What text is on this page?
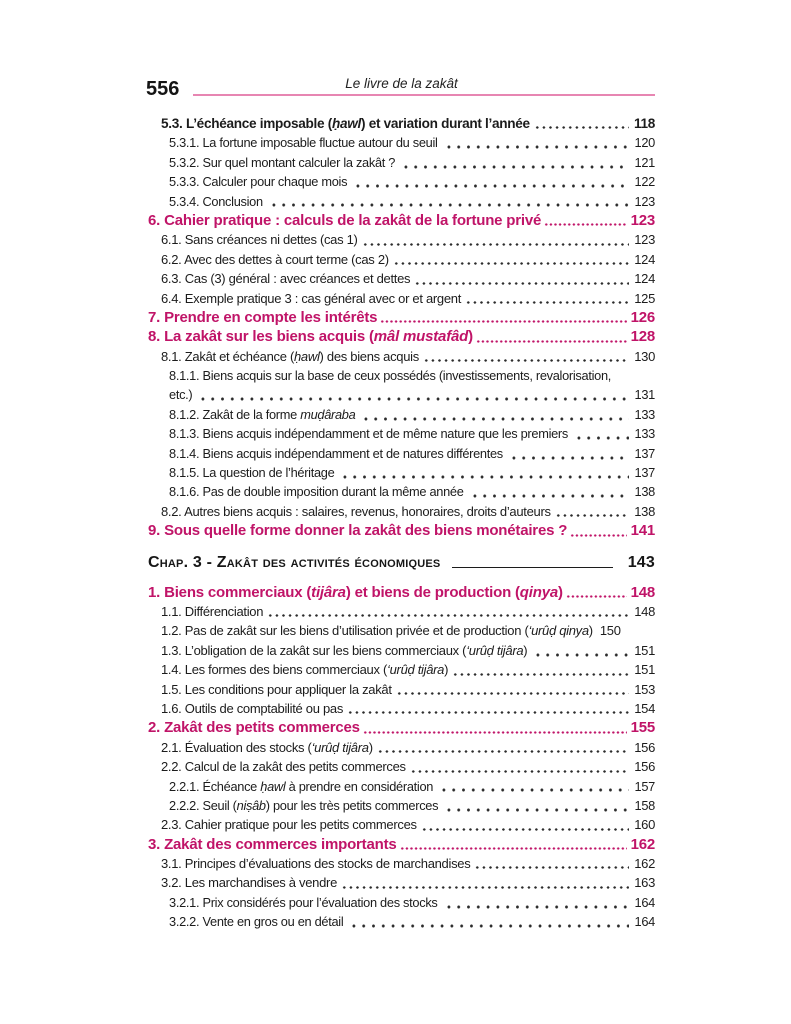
Le livre de la zakât
556
5.3. L’échéance imposable (ḥawl) et variation durant l’année	118
5.3.1. La fortune imposable fluctue autour du seuil	120
5.3.2. Sur quel montant calculer la zakât ?	121
5.3.3. Calculer pour chaque mois	122
5.3.4. Conclusion	123
6. Cahier pratique : calculs de la zakât de la fortune privé	123
6.1. Sans créances ni dettes (cas 1)	123
6.2. Avec des dettes à court terme (cas 2)	124
6.3. Cas (3) général : avec créances et dettes	124
6.4. Exemple pratique 3 : cas général avec or et argent	125
7. Prendre en compte les intérêts	126
8. La zakât sur les biens acquis (mâl mustafâd)	128
8.1. Zakât et échéance (ḥawl) des biens acquis	130
8.1.1. Biens acquis sur la base de ceux possédés (investissements, revalorisation,
etc.)	131
8.1.2. Zakât de la forme muḍâraba	133
8.1.3. Biens acquis indépendamment et de même nature que les premiers	133
8.1.4. Biens acquis indépendamment et de natures différentes	137
8.1.5. La question de l’héritage	137
8.1.6. Pas de double imposition durant la même année	138
8.2. Autres biens acquis : salaires, revenus, honoraires, droits d’auteurs	138
9. Sous quelle forme donner la zakât des biens monétaires ?	141
Chap. 3 - Zakât des activités économiques	143
1. Biens commerciaux (tijâra) et biens de production (qinya)	148
1.1. Différenciation	148
1.2. Pas de zakât sur les biens d’utilisation privée et de production (‘urûḍ qinya) 150
1.3. L’obligation de la zakât sur les biens commerciaux (‘urûḍ tijâra)	151
1.4. Les formes des biens commerciaux (‘urûḍ tijâra)	151
1.5. Les conditions pour appliquer la zakât	153
1.6. Outils de comptabilité ou pas	154
2. Zakât des petits commerces	155
2.1. Évaluation des stocks (‘urûḍ tijâra)	156
2.2. Calcul de la zakât des petits commerces	156
2.2.1. Échéance ḥawl à prendre en considération	157
2.2.2. Seuil (niṣâb) pour les très petits commerces	158
2.3. Cahier pratique pour les petits commerces	160
3. Zakât des commerces importants	162
3.1. Principes d’évaluations des stocks de marchandises	162
3.2. Les marchandises à vendre	163
3.2.1. Prix considérés pour l’évaluation des stocks	164
3.2.2. Vente en gros ou en détail	164
